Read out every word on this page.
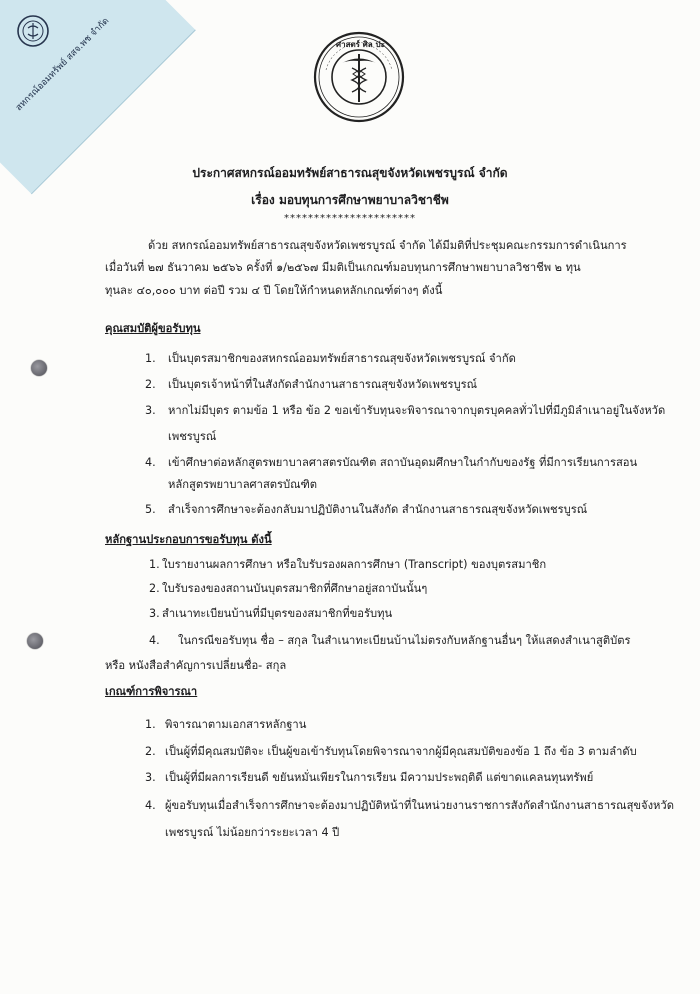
สหกรณ์ออมทรัพย์ สสจ.พช จำกัด	ศาสตร์ ศิล ปะ
ประกาศสหกรณ์ออมทรัพย์สาธารณสุขจังหวัดเพชรบูรณ์ จำกัด
เรื่อง มอบทุนการศึกษาพยาบาลวิชาชีพ
**********************
ด้วย สหกรณ์ออมทรัพย์สาธารณสุขจังหวัดเพชรบูรณ์ จำกัด ได้มีมติที่ประชุมคณะกรรมการดำเนินการ
เมื่อวันที่ ๒๗ ธันวาคม ๒๕๖๖ ครั้งที่ ๑/๒๕๖๗ มีมติเป็นเกณฑ์มอบทุนการศึกษาพยาบาลวิชาชีพ ๒ ทุน
ทุนละ ๔๐,๐๐๐ บาท ต่อปี รวม ๔ ปี โดยให้กำหนดหลักเกณฑ์ต่างๆ ดังนี้
คุณสมบัติผู้ขอรับทุน
1. เป็นบุตรสมาชิกของสหกรณ์ออมทรัพย์สาธารณสุขจังหวัดเพชรบูรณ์ จำกัด
2. เป็นบุตรเจ้าหน้าที่ในสังกัดสำนักงานสาธารณสุขจังหวัดเพชรบูรณ์
3. หากไม่มีบุตร ตามข้อ 1 หรือ ข้อ 2 ขอเข้ารับทุนจะพิจารณาจากบุตรบุคคลทั่วไปที่มีภูมิลำเนาอยู่ในจังหวัด
เพชรบูรณ์
4. เข้าศึกษาต่อหลักสูตรพยาบาลศาสตรบัณฑิต สถาบันอุดมศึกษาในกำกับของรัฐ ที่มีการเรียนการสอน
หลักสูตรพยาบาลศาสตรบัณฑิต
5. สำเร็จการศึกษาจะต้องกลับมาปฏิบัติงานในสังกัด สำนักงานสาธารณสุขจังหวัดเพชรบูรณ์
หลักฐานประกอบการขอรับทุน ดังนี้
1. ใบรายงานผลการศึกษา หรือใบรับรองผลการศึกษา (Transcript) ของบุตรสมาชิก
2. ใบรับรองของสถานบันบุตรสมาชิกที่ศึกษาอยู่สถาบันนั้นๆ
3. สำเนาทะเบียนบ้านที่มีบุตรของสมาชิกที่ขอรับทุน
4. ในกรณีขอรับทุน ชื่อ – สกุล ในสำเนาทะเบียนบ้านไม่ตรงกับหลักฐานอื่นๆ ให้แสดงสำเนาสูติบัตร
หรือ หนังสือสำคัญการเปลี่ยนชื่อ- สกุล
เกณฑ์การพิจารณา
1. พิจารณาตามเอกสารหลักฐาน
2. เป็นผู้ที่มีคุณสมบัติจะ เป็นผู้ขอเข้ารับทุนโดยพิจารณาจากผู้มีคุณสมบัติของข้อ 1 ถึง ข้อ 3 ตามลำดับ
3. เป็นผู้ที่มีผลการเรียนดี ขยันหมั่นเพียรในการเรียน มีความประพฤติดี แต่ขาดแคลนทุนทรัพย์
4. ผู้ขอรับทุนเมื่อสำเร็จการศึกษาจะต้องมาปฏิบัติหน้าที่ในหน่วยงานราชการสังกัดสำนักงานสาธารณสุขจังหวัด
เพชรบูรณ์ ไม่น้อยกว่าระยะเวลา 4 ปี
